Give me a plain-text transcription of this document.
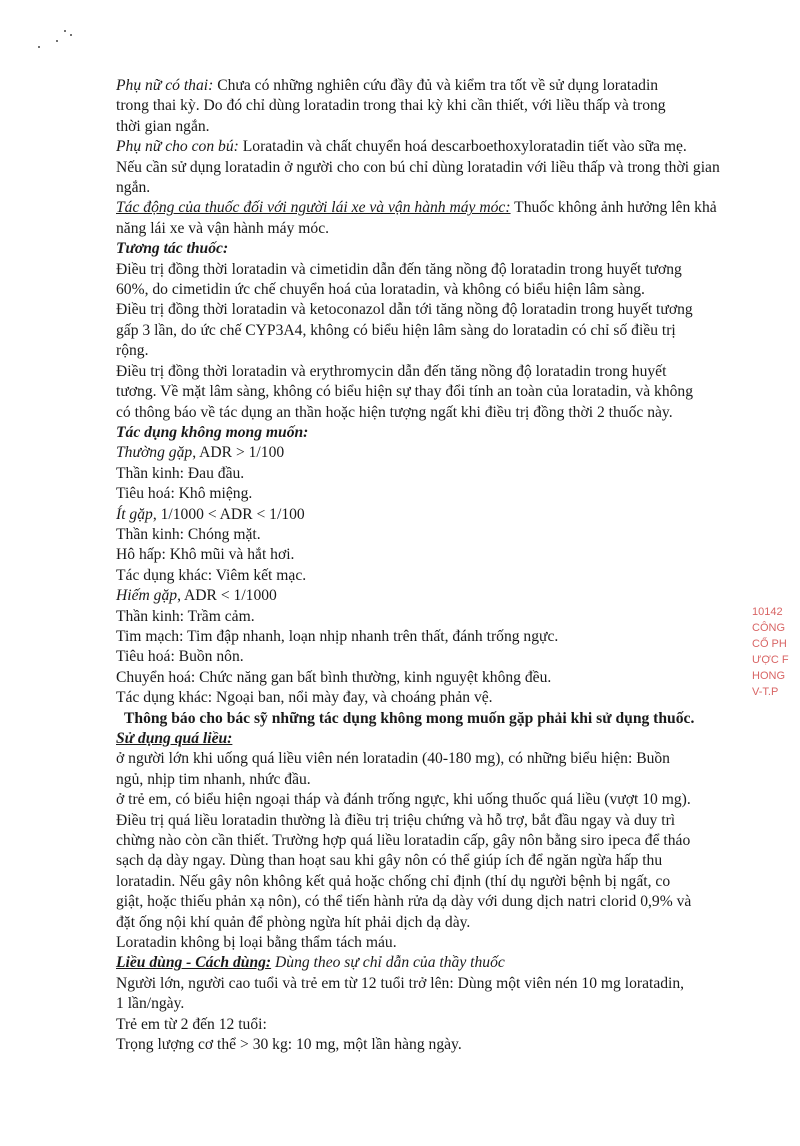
Phụ nữ có thai: Chưa có những nghiên cứu đầy đủ và kiểm tra tốt về sử dụng loratadin
trong thai kỳ. Do đó chỉ dùng loratadin trong thai kỳ khi cần thiết, với liều thấp và trong
thời gian ngắn.
Phụ nữ cho con bú: Loratadin và chất chuyển hoá descarboethoxyloratadin tiết vào sữa mẹ.
Nếu cần sử dụng loratadin ở người cho con bú chỉ dùng loratadin với liều thấp và trong thời gian
ngắn.
Tác động của thuốc đối với người lái xe và vận hành máy móc: Thuốc không ảnh hưởng lên khả
năng lái xe và vận hành máy móc.
Tương tác thuốc:
Điều trị đồng thời loratadin và cimetidin dẫn đến tăng nồng độ loratadin trong huyết tương
60%, do cimetidin ức chế chuyển hoá của loratadin, và không có biểu hiện lâm sàng.
Điều trị đồng thời loratadin và ketoconazol dẫn tới tăng nồng độ loratadin trong huyết tương
gấp 3 lần, do ức chế CYP3A4, không có biểu hiện lâm sàng do loratadin có chỉ số điều trị
rộng.
Điều trị đồng thời loratadin và erythromycin dẫn đến tăng nồng độ loratadin trong huyết
tương. Về mặt lâm sàng, không có biểu hiện sự thay đổi tính an toàn của loratadin, và không
có thông báo về tác dụng an thần hoặc hiện tượng ngất khi điều trị đồng thời 2 thuốc này.
Tác dụng không mong muốn:
Thường gặp, ADR > 1/100
Thần kinh: Đau đầu.
Tiêu hoá: Khô miệng.
Ít gặp, 1/1000 < ADR < 1/100
Thần kinh: Chóng mặt.
Hô hấp: Khô mũi và hắt hơi.
Tác dụng khác: Viêm kết mạc.
Hiếm gặp, ADR < 1/1000
Thần kinh: Trầm cảm.
Tim mạch: Tim đập nhanh, loạn nhịp nhanh trên thất, đánh trống ngực.
Tiêu hoá: Buồn nôn.
Chuyển hoá: Chức năng gan bất bình thường, kinh nguyệt không đều.
Tác dụng khác: Ngoại ban, nổi mày đay, và choáng phản vệ.
Thông báo cho bác sỹ những tác dụng không mong muốn gặp phải khi sử dụng thuốc.
Sử dụng quá liều:
ở người lớn khi uống quá liều viên nén loratadin (40-180 mg), có những biểu hiện: Buồn
ngủ, nhịp tim nhanh, nhức đầu.
ở trẻ em, có biểu hiện ngoại tháp và đánh trống ngực, khi uống thuốc quá liều (vượt 10 mg).
Điều trị quá liều loratadin thường là điều trị triệu chứng và hỗ trợ, bắt đầu ngay và duy trì
chừng nào còn cần thiết. Trường hợp quá liều loratadin cấp, gây nôn bằng siro ipeca để tháo
sạch dạ dày ngay. Dùng than hoạt sau khi gây nôn có thể giúp ích để ngăn ngừa hấp thu
loratadin. Nếu gây nôn không kết quả hoặc chống chỉ định (thí dụ người bệnh bị ngất, co
giật, hoặc thiếu phản xạ nôn), có thể tiến hành rửa dạ dày với dung dịch natri clorid 0,9% và
đặt ống nội khí quản để phòng ngừa hít phải dịch dạ dày.
Loratadin không bị loại bằng thẩm tách máu.
Liều dùng - Cách dùng: Dùng theo sự chỉ dẫn của thầy thuốc
Người lớn, người cao tuổi và trẻ em từ 12 tuổi trở lên: Dùng một viên nén 10 mg loratadin,
1 lần/ngày.
Trẻ em từ 2 đến 12 tuổi:
Trọng lượng cơ thể > 30 kg: 10 mg, một lần hàng ngày.
10142
CÔNG
CỔ PH
ƯỢC F
HONG
V-T.P
